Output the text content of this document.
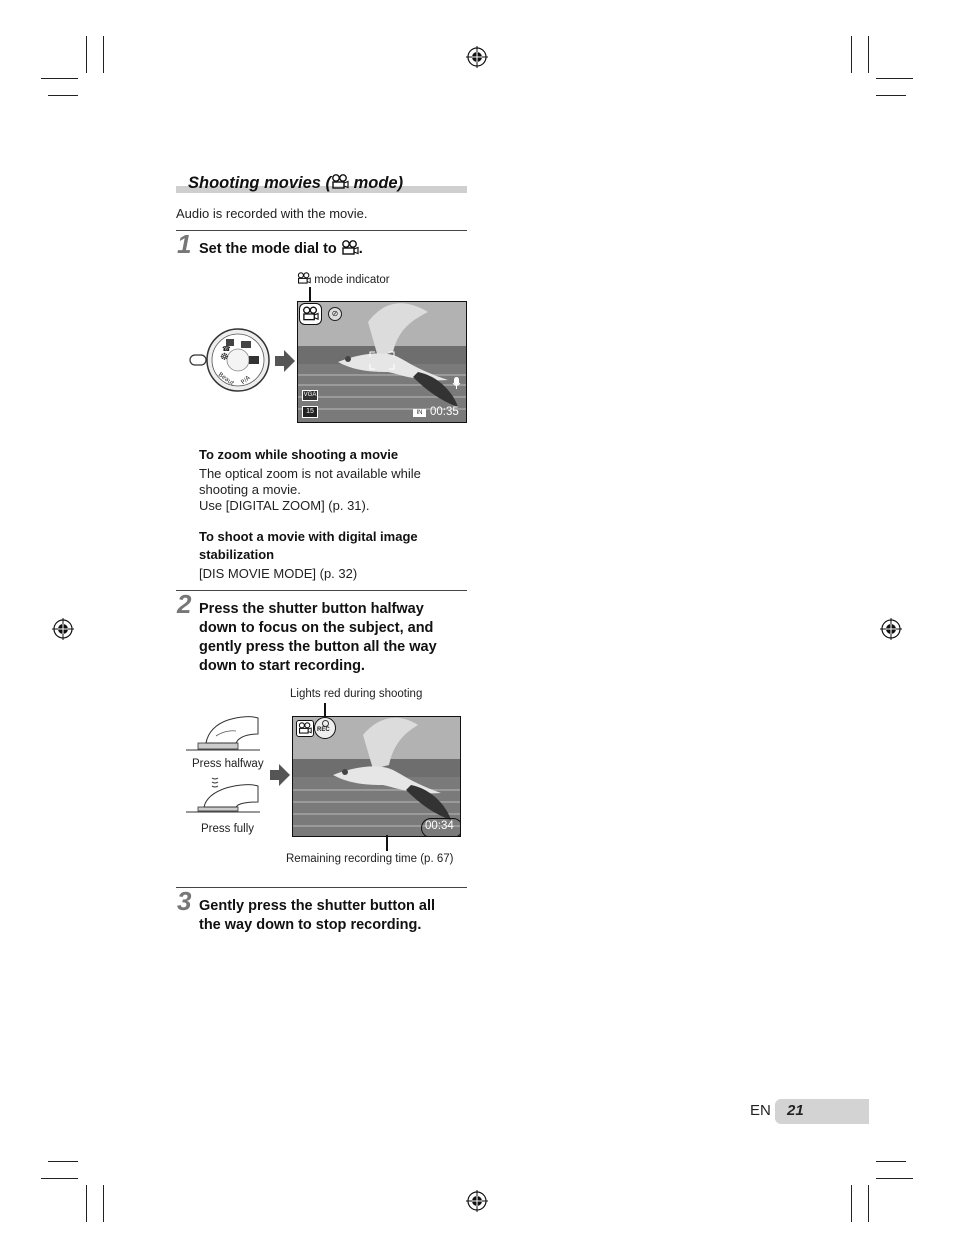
Shooting movies ( mode)
Audio is recorded with the movie.
1 Set the mode dial to .
mode indicator
☸
Beaut P/A
☎
⊘
VGA
15	IN 00:35
To zoom while shooting a movie
The optical zoom is not available while
shooting a movie.
Use [DIGITAL ZOOM] (p. 31).
To shoot a movie with digital image
stabilization
[DIS MOVIE MODE] (p. 32)
2 Press the shutter button halfway
down to focus on the subject, and
gently press the button all the way
down to start recording.
Lights red during shooting
Press halfway
Press fully
REC
00:34
Remaining recording time (p. 67)
3 Gently press the shutter button all
the way down to stop recording.
EN 21
